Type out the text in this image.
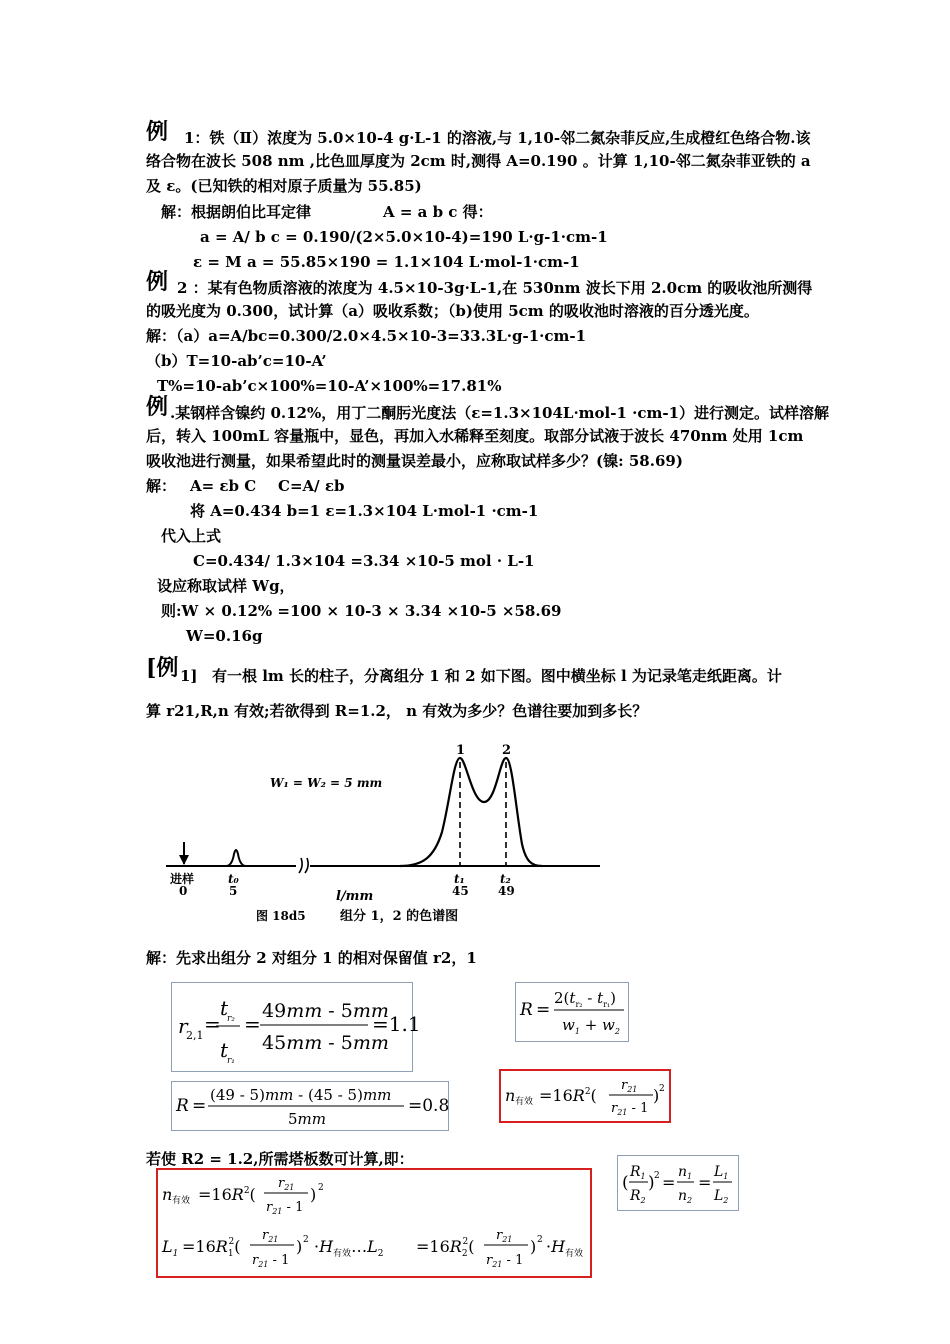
例 1：铁（Ⅱ）浓度为 5.0×10-4 g·L-1 的溶液,与 1,10-邻二氮杂菲反应,生成橙红色络合物.该
络合物在波长 508 nm ,比色皿厚度为 2cm 时,测得 A=0.190 。计算 1,10-邻二氮杂菲亚铁的 a
及 ε。(已知铁的相对原子质量为 55.85)
解：根据朗伯比耳定律	A = a b c 得：
a = A/ b c = 0.190/(2×5.0×10-4)=190 L·g-1·cm-1
ε = M a = 55.85×190 = 1.1×104 L·mol-1·cm-1
例 2 ：某有色物质溶液的浓度为 4.5×10-3g·L-1,在 530nm 波长下用 2.0cm 的吸收池所测得
的吸光度为 0.300，试计算（a）吸收系数；（b)使用 5cm 的吸收池时溶液的百分透光度。
解：（a）a=A/bc=0.300/2.0×4.5×10-3=33.3L·g-1·cm-1
（b）T=10-ab’c=10-A’
T%=10-ab’c×100%=10-A’×100%=17.81%
例 .某钢样含镍约 0.12%，用丁二酮肟光度法（ε=1.3×104L·mol-1 ·cm-1）进行测定。试样溶解
后，转入 100mL 容量瓶中，显色，再加入水稀释至刻度。取部分试液于波长 470nm 处用 1cm
吸收池进行测量，如果希望此时的测量误差最小，应称取试样多少？(镍: 58.69)
解： A= εb C C=A/ εb
将 A=0.434 b=1 ε=1.3×104 L·mol-1 ·cm-1
代入上式
C=0.434/ 1.3×104 =3.34 ×10-5 mol · L-1
设应称取试样 Wg，
则:W × 0.12% =100 × 10-3 × 3.34 ×10-5 ×58.69
W=0.16g
[例 1] 有一根 lm 长的柱子，分离组分 1 和 2 如下图。图中横坐标 l 为记录笔走纸距离。计
算 r21,R,n 有效;若欲得到 R=1.2， n 有效为多少？色谱往要加到多长？
1	2
W₁ = W₂ = 5 mm
进样
0
t₀
5
t₁
45
t₂
49
l/mm
图 18d5	组分 1，2 的色谱图
解：先求出组分 2 对组分 1 的相对保留值 r2，1
r
2,1 =
t
r₂
t
r₁
=
49mm - 5mm
45mm - 5mm
=1.1
R =
$2(t_{r_2} - t_{r_1})$
$w_1 + w_2$
R =
(49 - 5)mm - (45 - 5)mm
5mm
=0.8
n 有效 $=16R^2$(
$r_{21}$
$r_{21} - 1$
) 2
若使 R2 = 1.2,所需塔板数可计算,即：
(
$R_1$
$R_2$
) 2 =
$n_1$
$n_2$
=
$L_1$
$L_2$
n 有效 $=16R^2$(
$r_{21}$
$r_{21} - 1$
) 2
$L_1 =16R_12$(
$r_{21}$
$r_{21} - 1$
) $2 \cdot H_{有效}\dots L_2 =16R_22$(
$r_{21}$
$r_{21} - 1$
) $2 \cdot H_{有效}$
